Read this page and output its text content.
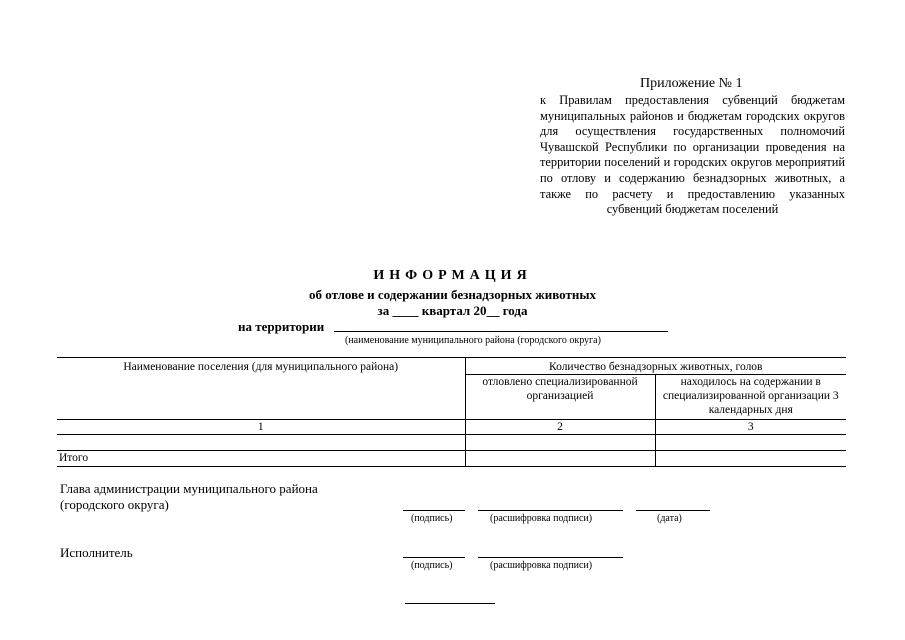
Приложение № 1
к Правилам предоставления субвенций бюджетам муниципальных районов и бюджетам городских округов для осуществления государственных полномочий Чувашской Республики по организации проведения на территории поселений и городских округов мероприятий по отлову и содержанию безнадзорных животных, а также по расчету и предоставлению указанных субвенций бюджетам поселений
ИНФОРМАЦИЯ
об отлове и содержании безнадзорных животных
за ____ квартал 20__ года
на территории
(наименование муниципального района (городского округа)
Наименование поселения (для муниципального района)	Количество безнадзорных животных, голов	
	отловлено специализированной организацией	находилось на содержании в специализированной организации 3 календарных дня
1	2	3

Итого		
Глава администрации муниципального района
(городского округа)
(подпись)	(расшифровка подписи)	(дата)
Исполнитель
(подпись)	(расшифровка подписи)
